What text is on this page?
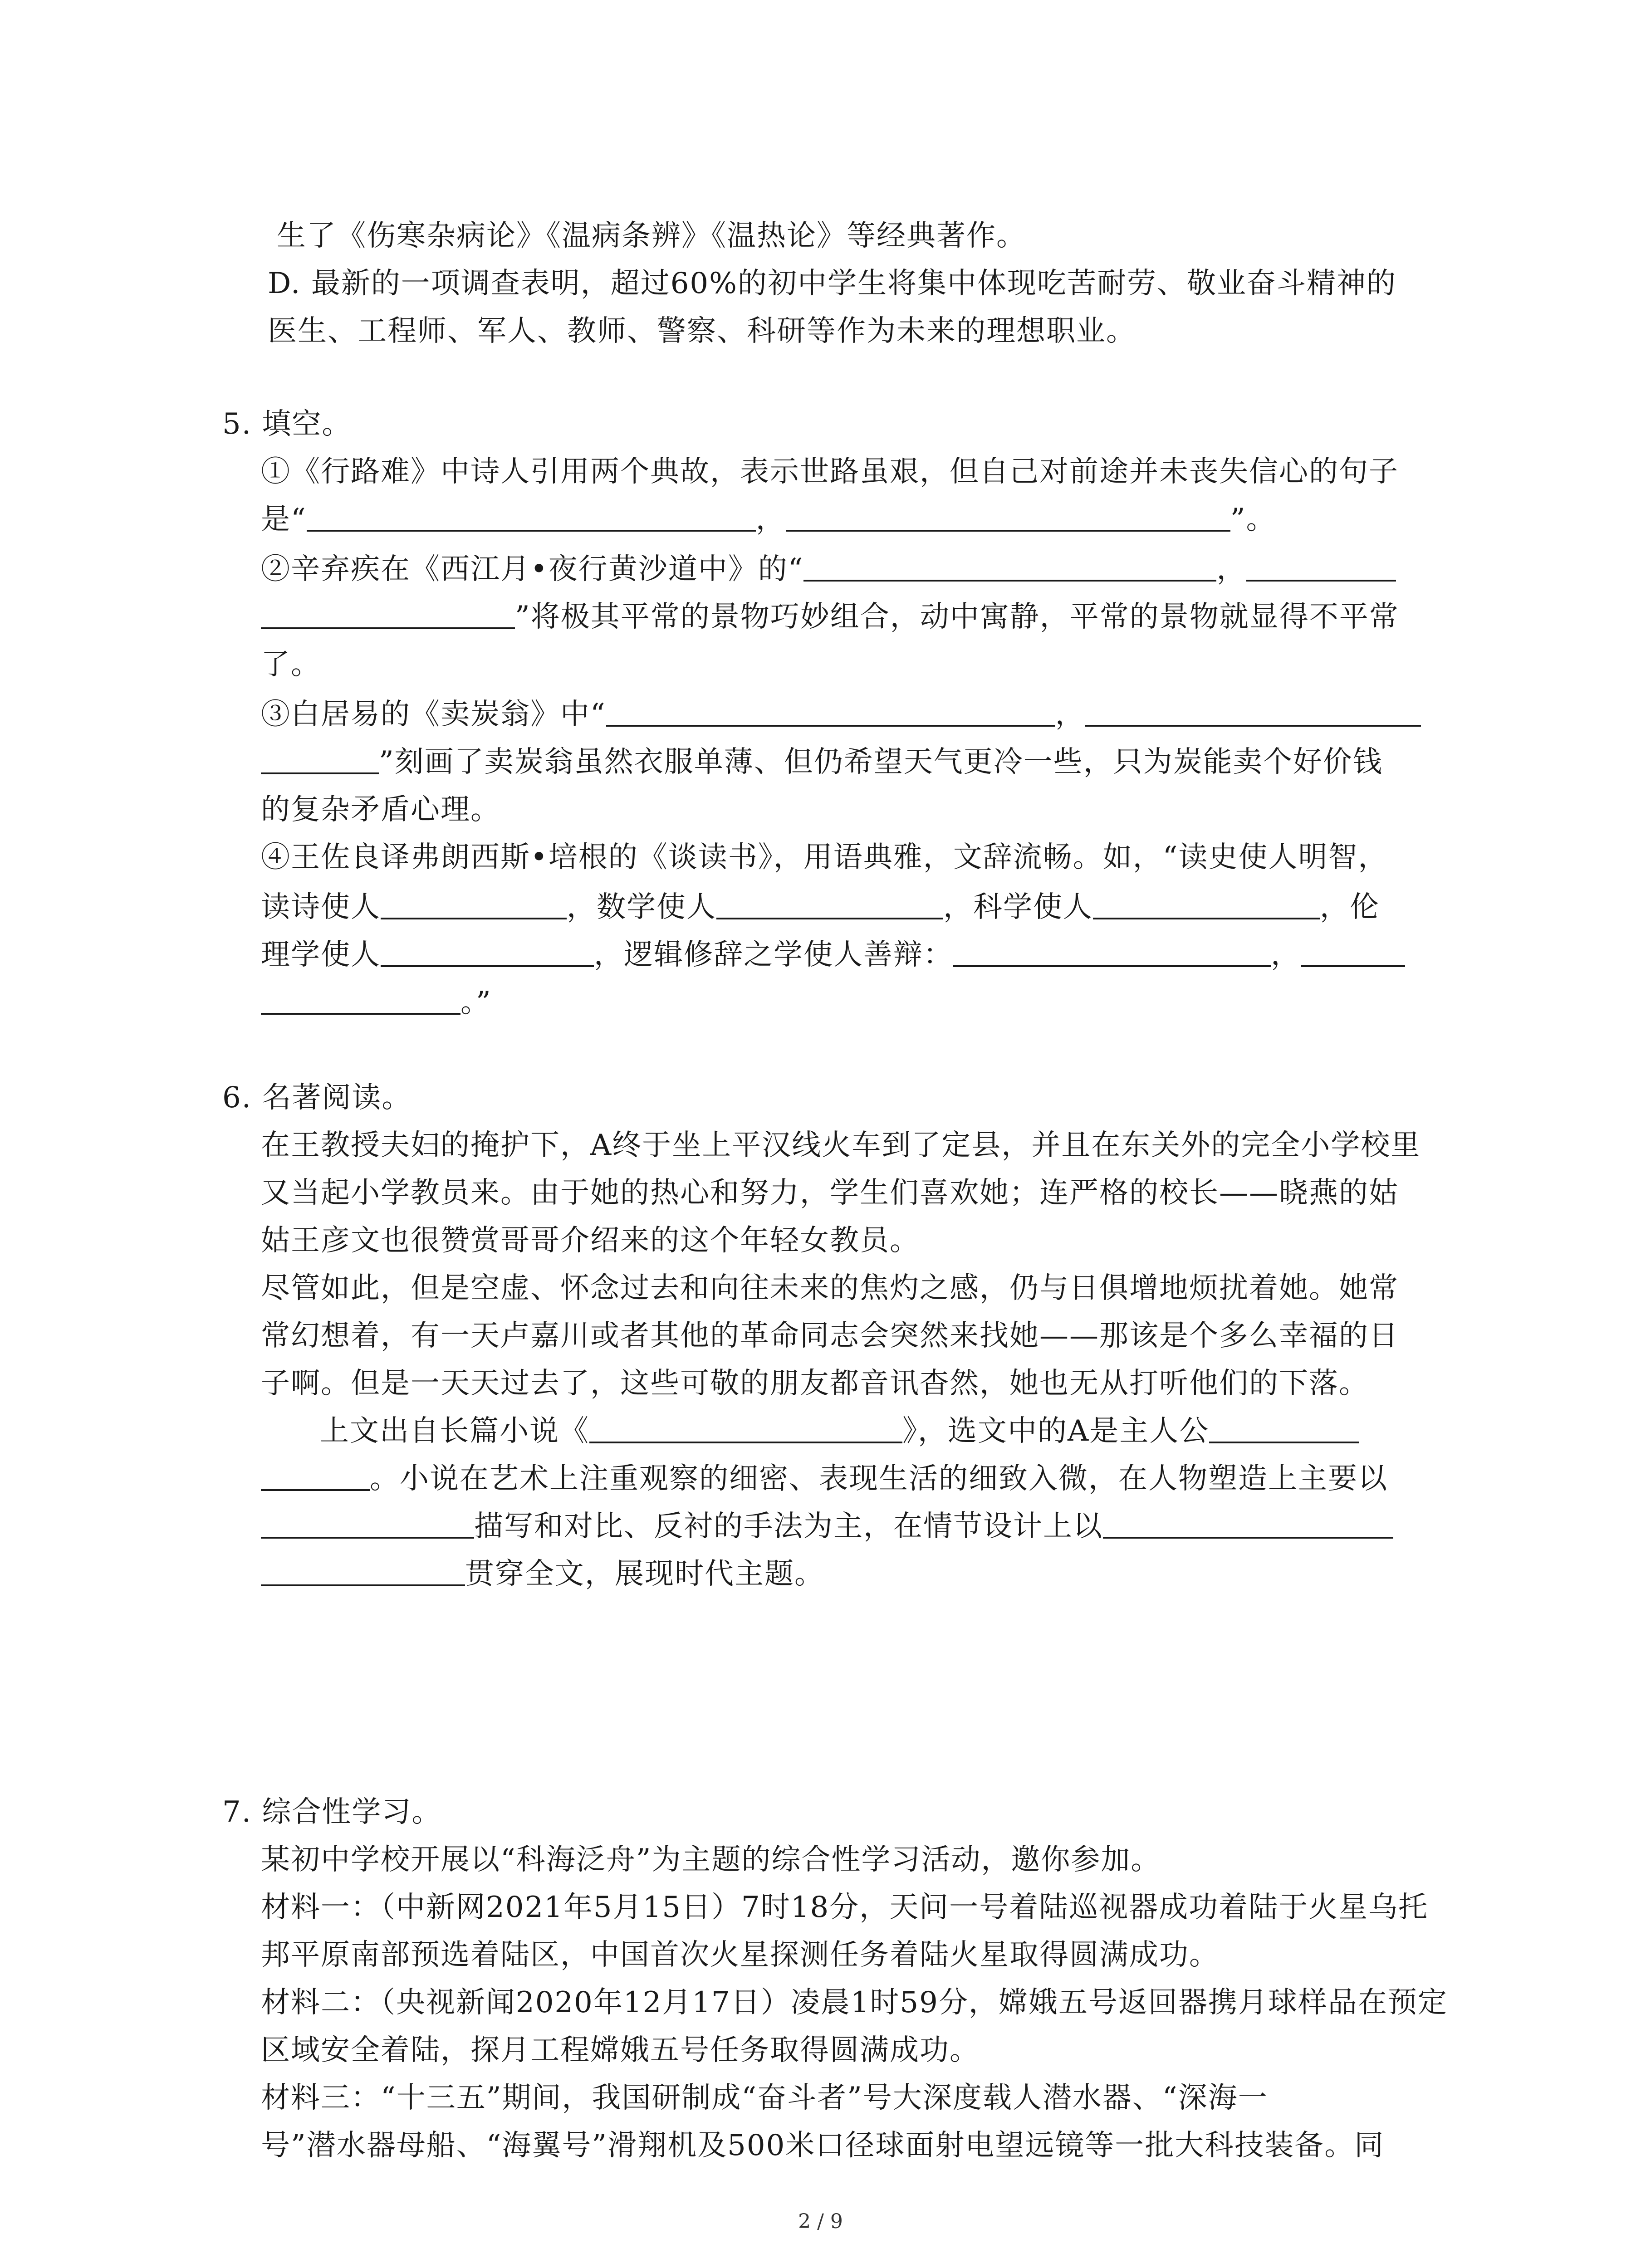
生了《伤寒杂病论》《温病条辨》《温热论》等经典著作。
D. 最新的一项调查表明，超过60%的初中学生将集中体现吃苦耐劳、敬业奋斗精神的
医生、工程师、军人、教师、警察、科研等作为未来的理想职业。
5. 填空。
①《行路难》中诗人引用两个典故，表示世路虽艰，但自己对前途并未丧失信心的句子
是“	，	”。
②辛弃疾在《西江月•夜行黄沙道中》的“	，
”将极其平常的景物巧妙组合，动中寓静，平常的景物就显得不平常
了。
③白居易的《卖炭翁》中“	，
”刻画了卖炭翁虽然衣服单薄、但仍希望天气更冷一些，只为炭能卖个好价钱
的复杂矛盾心理。
④王佐良译弗朗西斯•培根的《谈读书》，用语典雅，文辞流畅。如，“读史使人明智，
读诗使人	，数学使人	，科学使人	，伦
理学使人	，逻辑修辞之学使人善辩：	，
。”
6. 名著阅读。
在王教授夫妇的掩护下，A终于坐上平汉线火车到了定县，并且在东关外的完全小学校里
又当起小学教员来。由于她的热心和努力，学生们喜欢她；连严格的校长——晓燕的姑
姑王彦文也很赞赏哥哥介绍来的这个年轻女教员。
尽管如此，但是空虚、怀念过去和向往未来的焦灼之感，仍与日俱增地烦扰着她。她常
常幻想着，有一天卢嘉川或者其他的革命同志会突然来找她——那该是个多么幸福的日
子啊。但是一天天过去了，这些可敬的朋友都音讯杳然，她也无从打听他们的下落。
上文出自长篇小说《	》，选文中的A是主人公
。小说在艺术上注重观察的细密、表现生活的细致入微，在人物塑造上主要以
描写和对比、反衬的手法为主，在情节设计上以
贯穿全文，展现时代主题。
7. 综合性学习。
某初中学校开展以“科海泛舟”为主题的综合性学习活动，邀你参加。
材料一：（中新网2021年5月15日）7时18分，天问一号着陆巡视器成功着陆于火星乌托
邦平原南部预选着陆区，中国首次火星探测任务着陆火星取得圆满成功。
材料二：（央视新闻2020年12月17日）凌晨1时59分，嫦娥五号返回器携月球样品在预定
区域安全着陆，探月工程嫦娥五号任务取得圆满成功。
材料三：“十三五”期间，我国研制成“奋斗者”号大深度载人潜水器、“深海一
号”潜水器母船、“海翼号”滑翔机及500米口径球面射电望远镜等一批大科技装备。同
2 / 9
